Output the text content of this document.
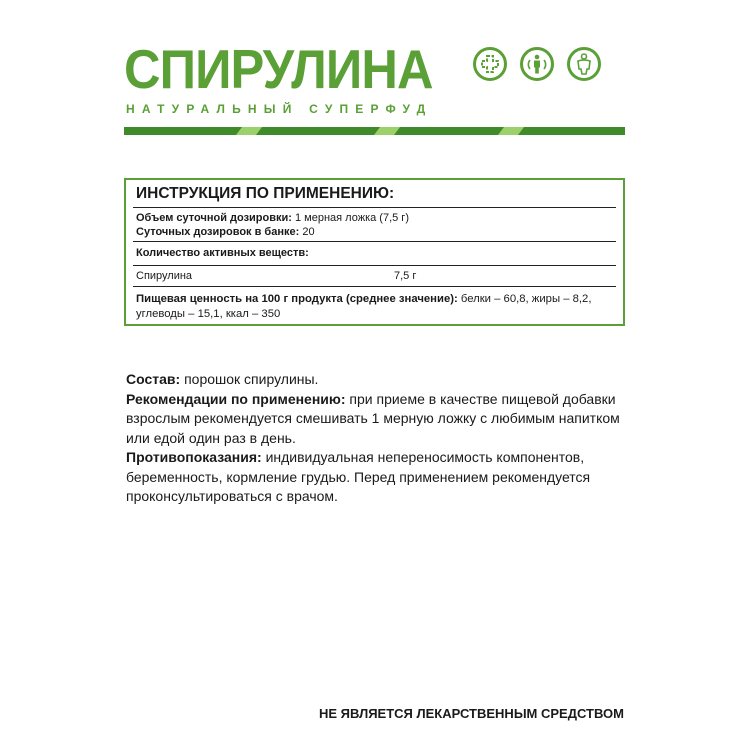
СПИРУЛИНА
НАТУРАЛЬНЫЙ СУПЕРФУД
ИНСТРУКЦИЯ ПО ПРИМЕНЕНИЮ:
Объем суточной дозировки: 1 мерная ложка (7,5 г)
Суточных дозировок в банке: 20
Количество активных веществ:
Спирулина	7,5 г
Пищевая ценность на 100 г продукта (среднее значение): белки – 60,8, жиры – 8,2, углеводы – 15,1, ккал – 350

Состав: порошок спирулины.

Рекомендации по применению: при приеме в качестве пищевой добавки взрослым рекомендуется смешивать 1 мерную ложку с любимым напитком или едой один раз в день.

Противопоказания: индивидуальная непереносимость компонентов, беременность, кормление грудью. Перед применением рекомендуется проконсультироваться с врачом.

НЕ ЯВЛЯЕТСЯ ЛЕКАРСТВЕННЫМ СРЕДСТВОМ
